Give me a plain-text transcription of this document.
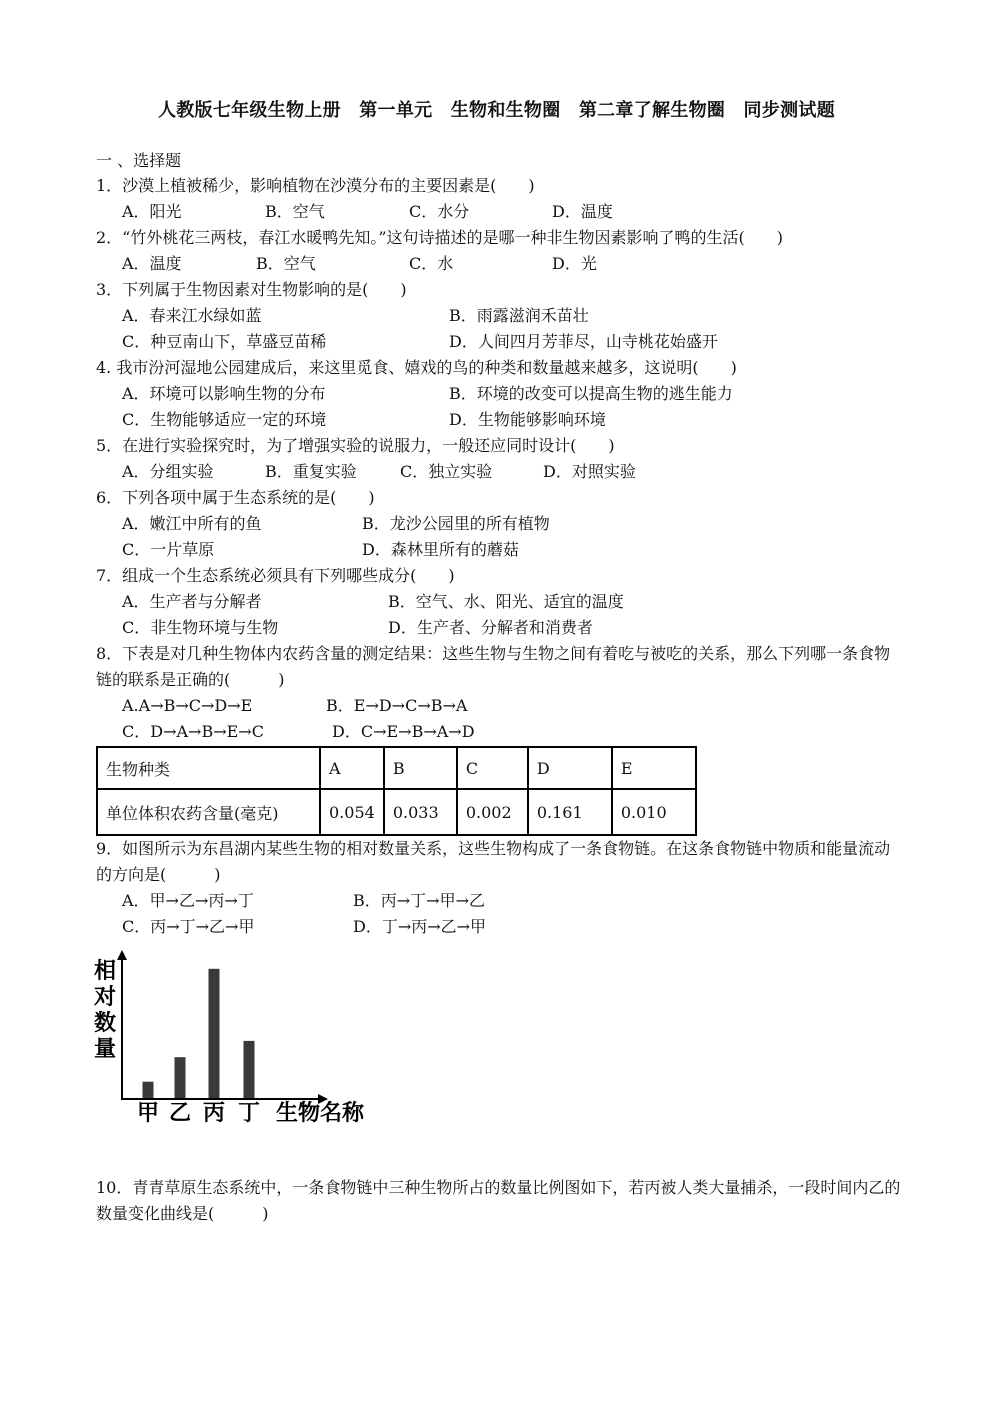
人教版七年级生物上册　第一单元　生物和生物圈　第二章了解生物圈　同步测试题
一 、选择题
1．沙漠上植被稀少，影响植物在沙漠分布的主要因素是(　　)
A．阳光	B．空气	C．水分	D．温度
2．“竹外桃花三两枝，春江水暖鸭先知。”这句诗描述的是哪一种非生物因素影响了鸭的生活(　　)
A．温度	B．空气	C．水	D．光
3．下列属于生物因素对生物影响的是(　　)
A．春来江水绿如蓝	B．雨露滋润禾苗壮
C．种豆南山下，草盛豆苗稀	D．人间四月芳菲尽，山寺桃花始盛开
4. 我市汾河湿地公园建成后，来这里觅食、嬉戏的鸟的种类和数量越来越多，这说明(　　)
A．环境可以影响生物的分布	B．环境的改变可以提高生物的逃生能力
C．生物能够适应一定的环境	D．生物能够影响环境
5．在进行实验探究时，为了增强实验的说服力，一般还应同时设计(　　)
A．分组实验	B．重复实验	C．独立实验	D．对照实验
6．下列各项中属于生态系统的是(　　)
A．嫩江中所有的鱼	B．龙沙公园里的所有植物
C．一片草原	D．森林里所有的蘑菇
7．组成一个生态系统必须具有下列哪些成分(　　)
A．生产者与分解者	B．空气、水、阳光、适宜的温度
C．非生物环境与生物	D．生产者、分解者和消费者
8．下表是对几种生物体内农药含量的测定结果：这些生物与生物之间有着吃与被吃的关系，那么下列哪一条食物链的联系是正确的(　　　)
A.A→B→C→D→E	B．E→D→C→B→A
C．D→A→B→E→C	D．C→E→B→A→D
生物种类	A	B	C	D	E
单位体积农药含量(毫克)	0.054	0.033	0.002	0.161	0.010
9．如图所示为东昌湖内某些生物的相对数量关系，这些生物构成了一条食物链。在这条食物链中物质和能量流动的方向是(　　　)
A．甲→乙→丙→丁	B．丙→丁→甲→乙
C．丙→丁→乙→甲	D．丁→丙→乙→甲
相对数量
甲 乙 丙 丁 生物名称
10．青青草原生态系统中，一条食物链中三种生物所占的数量比例图如下，若丙被人类大量捕杀，一段时间内乙的数量变化曲线是(　　　)
